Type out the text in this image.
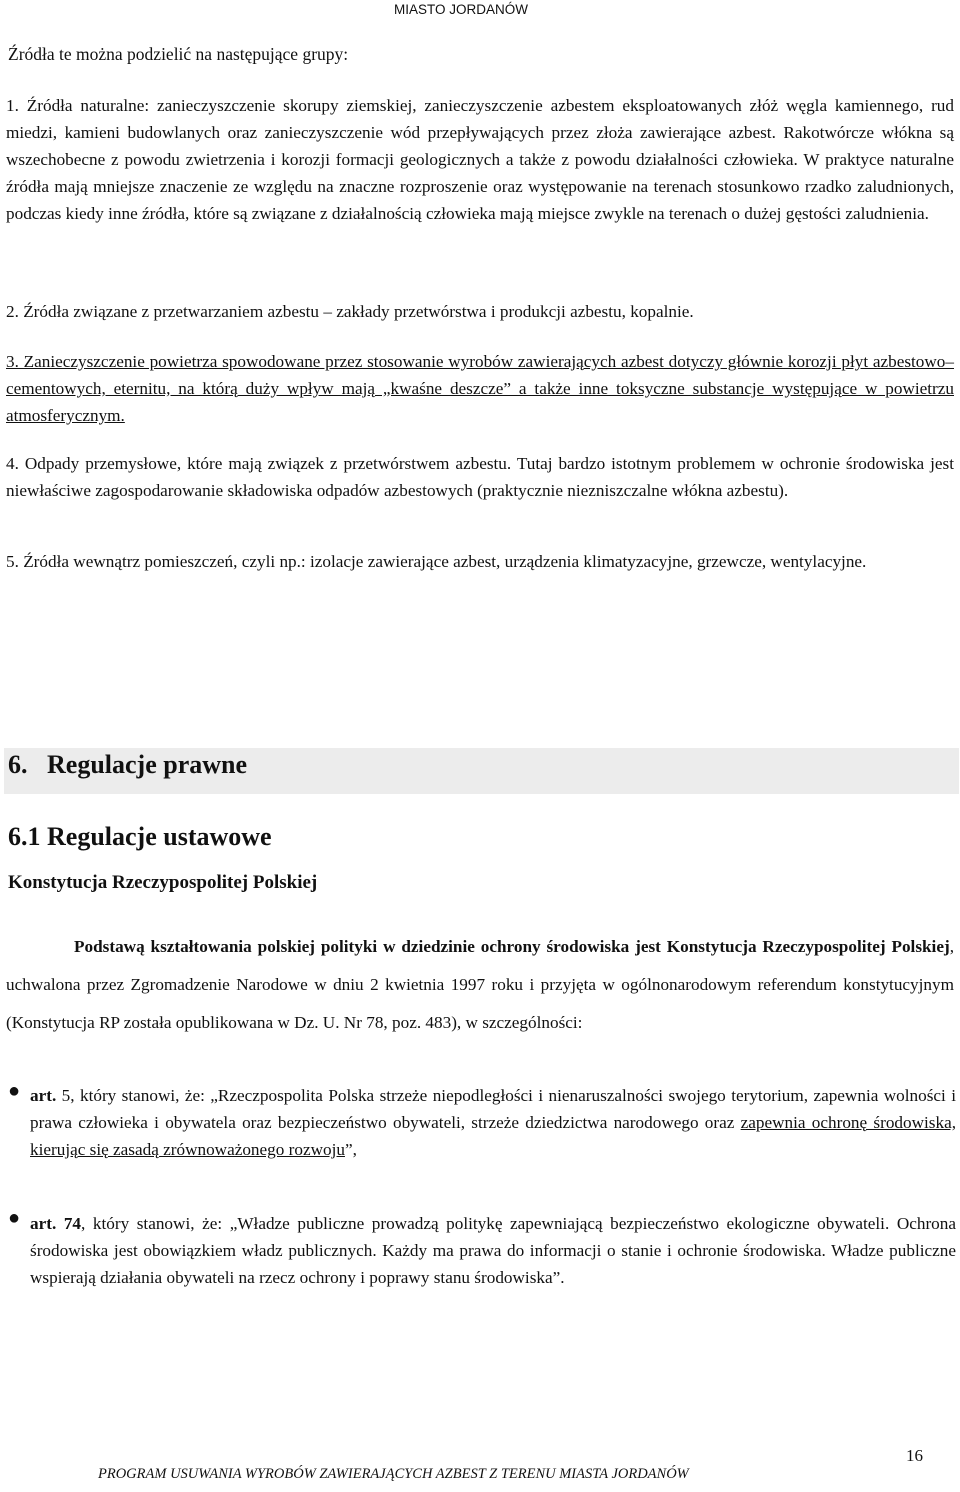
MIASTO JORDANÓW
Źródła te można podzielić na następujące grupy:

1. Źródła naturalne: zanieczyszczenie skorupy ziemskiej, zanieczyszczenie azbestem eksploatowanych złóż węgla kamiennego, rud miedzi, kamieni budowlanych oraz zanieczyszczenie wód przepływających przez złoża zawierające azbest. Rakotwórcze włókna są wszechobecne z powodu zwietrzenia i korozji formacji geologicznych a także z powodu działalności człowieka. W praktyce naturalne źródła mają mniejsze znaczenie ze względu na znaczne rozproszenie oraz występowanie na terenach stosunkowo rzadko zaludnionych, podczas kiedy inne źródła, które są związane z działalnością człowieka mają miejsce zwykle na terenach o dużej gęstości zaludnienia.

2. Źródła związane z przetwarzaniem azbestu – zakłady przetwórstwa i produkcji azbestu, kopalnie.

3. Zanieczyszczenie powietrza spowodowane przez stosowanie wyrobów zawierających azbest dotyczy głównie korozji płyt azbestowo– cementowych, eternitu, na którą duży wpływ mają „kwaśne deszcze” a także inne toksyczne substancje występujące w powietrzu atmosferycznym.

4. Odpady przemysłowe, które mają związek z przetwórstwem azbestu. Tutaj bardzo istotnym problemem w ochronie środowiska jest niewłaściwe zagospodarowanie składowiska odpadów azbestowych (praktycznie niezniszczalne włókna azbestu).

5. Źródła wewnątrz pomieszczeń, czyli np.: izolacje zawierające azbest, urządzenia klimatyzacyjne, grzewcze, wentylacyjne.

6.   Regulacje prawne
6.1 Regulacje ustawowe
Konstytucja Rzeczypospolitej Polskiej

Podstawą kształtowania polskiej polityki w dziedzinie ochrony środowiska jest Konstytucja Rzeczypospolitej Polskiej, uchwalona przez Zgromadzenie Narodowe w dniu 2 kwietnia 1997 roku i przyjęta w ogólnonarodowym referendum konstytucyjnym (Konstytucja RP została opublikowana w Dz. U. Nr 78, poz. 483), w szczególności:

● art. 5, który stanowi, że: „Rzeczpospolita Polska strzeże niepodległości i nienaruszalności swojego terytorium, zapewnia wolności i prawa człowieka i obywatela oraz bezpieczeństwo obywateli, strzeże dziedzictwa narodowego oraz zapewnia ochronę środowiska, kierując się zasadą zrównoważonego rozwoju”,

● art. 74, który stanowi, że: „Władze publiczne prowadzą politykę zapewniającą bezpieczeństwo ekologiczne obywateli. Ochrona środowiska jest obowiązkiem władz publicznych. Każdy ma prawa do informacji o stanie i ochronie środowiska. Władze publiczne wspierają działania obywateli na rzecz ochrony i poprawy stanu środowiska”.

16
PROGRAM USUWANIA WYROBÓW ZAWIERAJĄCYCH AZBEST Z TERENU MIASTA JORDANÓW
